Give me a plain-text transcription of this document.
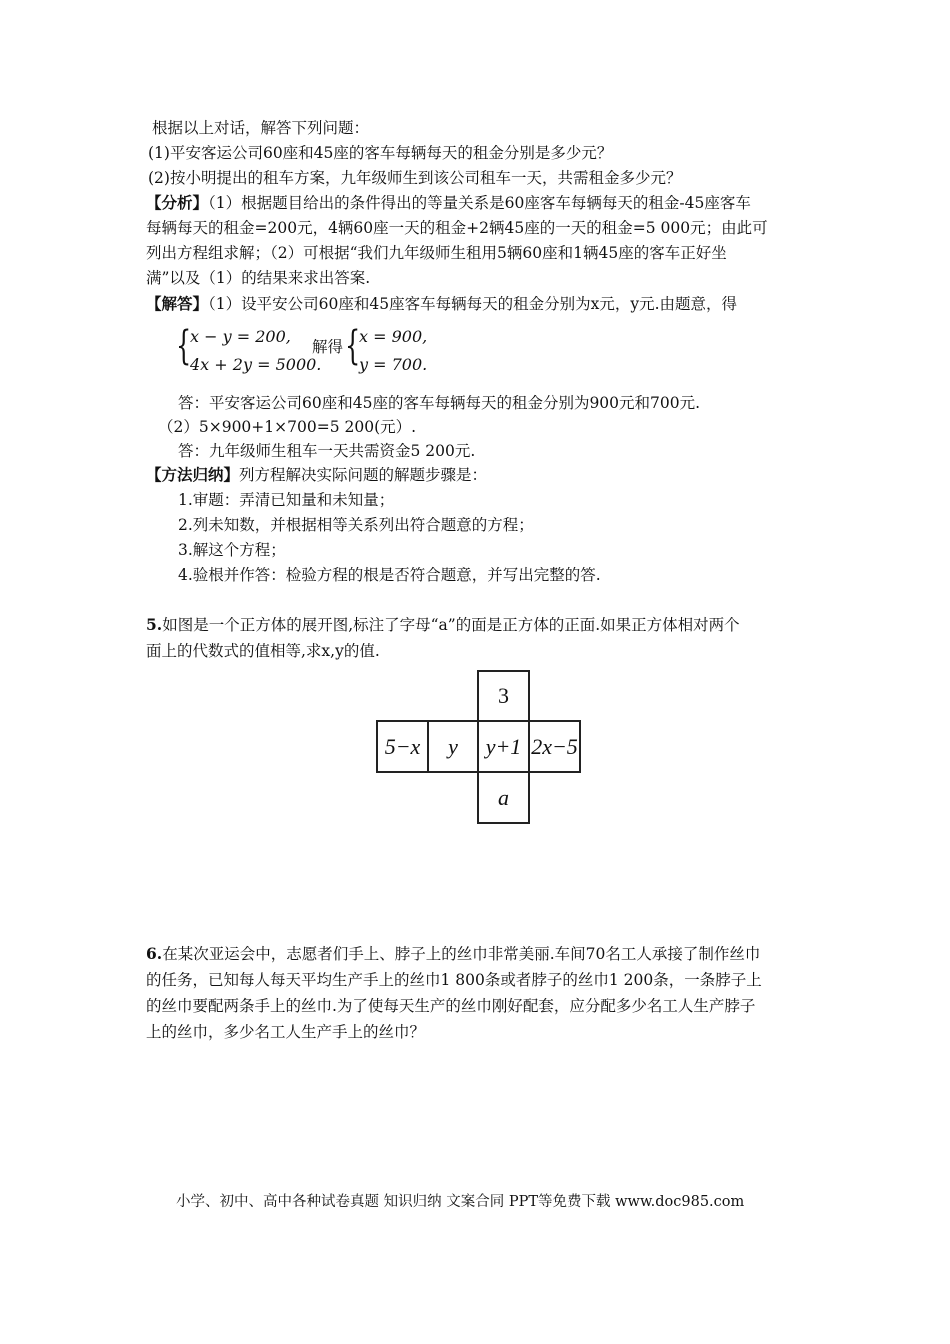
根据以上对话，解答下列问题：
(1)平安客运公司60座和45座的客车每辆每天的租金分别是多少元？
(2)按小明提出的租车方案，九年级师生到该公司租车一天，共需租金多少元？
【分析】（1）根据题目给出的条件得出的等量关系是60座客车每辆每天的租金-45座客车
每辆每天的租金=200元，4辆60座一天的租金+2辆45座的一天的租金=5 000元；由此可
列出方程组求解；（2）可根据“我们九年级师生租用5辆60座和1辆45座的客车正好坐
满”以及（1）的结果来求出答案.
【解答】（1）设平安公司60座和45座客车每辆每天的租金分别为x元，y元.由题意，得
{
x − y = 200,
4x + 2y = 5000.
解得 {
x = 900,
y = 700.
答：平安客运公司60座和45座的客车每辆每天的租金分别为900元和700元.
（2）5×900+1×700=5 200(元）.
答：九年级师生租车一天共需资金5 200元.
【方法归纳】列方程解决实际问题的解题步骤是：
1.审题：弄清已知量和未知量；
2.列未知数，并根据相等关系列出符合题意的方程；
3.解这个方程；
4.验根并作答：检验方程的根是否符合题意，并写出完整的答.
5.如图是一个正方体的展开图,标注了字母“a”的面是正方体的正面.如果正方体相对两个
面上的代数式的值相等,求x,y的值.
3
5−x	y	y+1 2x−5
a
6.在某次亚运会中，志愿者们手上、脖子上的丝巾非常美丽.车间70名工人承接了制作丝巾
的任务，已知每人每天平均生产手上的丝巾1 800条或者脖子的丝巾1 200条，一条脖子上
的丝巾要配两条手上的丝巾.为了使每天生产的丝巾刚好配套，应分配多少名工人生产脖子
上的丝巾，多少名工人生产手上的丝巾？
小学、初中、高中各种试卷真题 知识归纳 文案合同 PPT等免费下载 www.doc985.com
